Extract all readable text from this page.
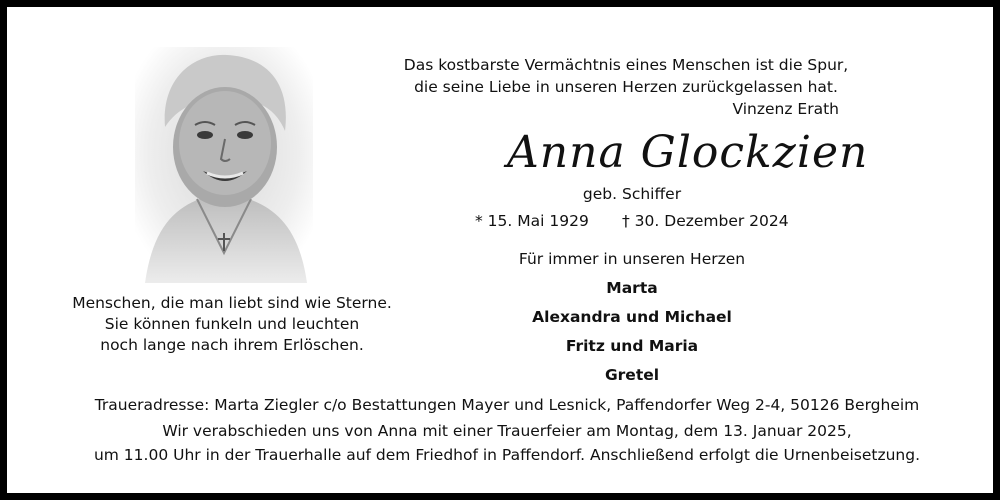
Das kostbarste Vermächtnis eines Menschen ist die Spur,
die seine Liebe in unseren Herzen zurückgelassen hat.
Vinzenz Erath
Anna Glockzien
geb. Schiffer
* 15. Mai 1929 † 30. Dezember 2024
Für immer in unseren Herzen
Marta
Alexandra und Michael
Fritz und Maria
Gretel
Menschen, die man liebt sind wie Sterne.
Sie können funkeln und leuchten
noch lange nach ihrem Erlöschen.
Traueradresse: Marta Ziegler c/o Bestattungen Mayer und Lesnick, Paffendorfer Weg 2-4, 50126 Bergheim
Wir verabschieden uns von Anna mit einer Trauerfeier am Montag, dem 13. Januar 2025,
um 11.00 Uhr in der Trauerhalle auf dem Friedhof in Paffendorf. Anschließend erfolgt die Urnenbeisetzung.
